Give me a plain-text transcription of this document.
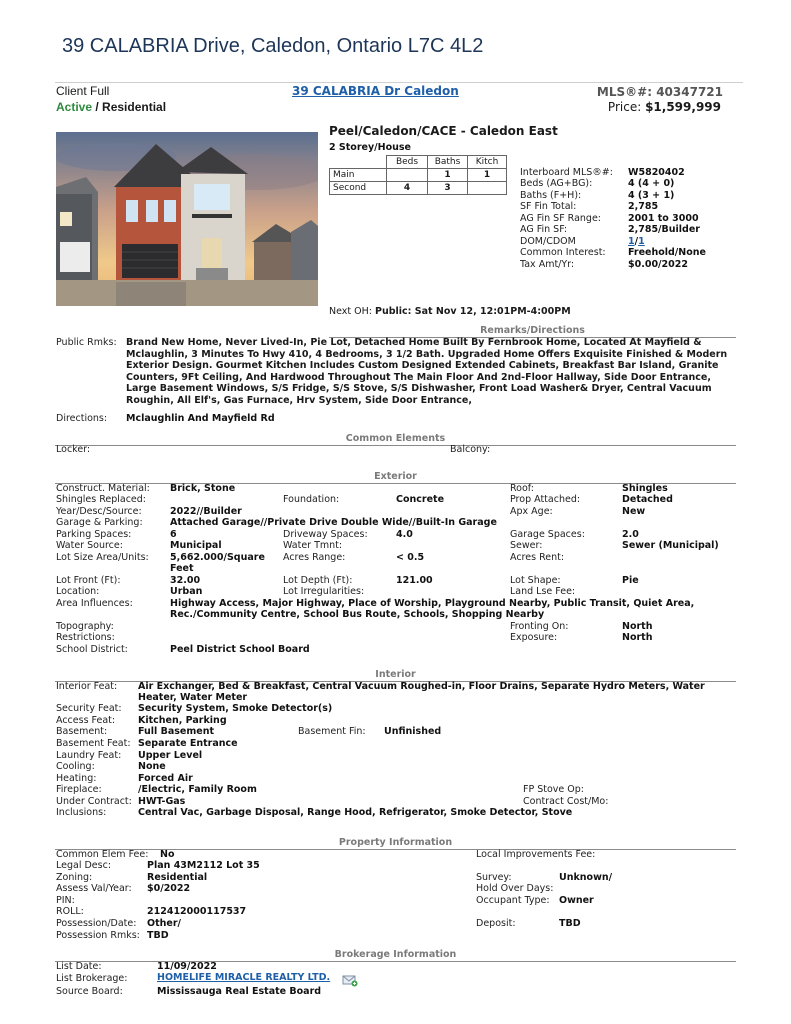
39 CALABRIA Drive, Caledon, Ontario L7C 4L2
Client Full
Active / Residential
39 CALABRIA Dr Caledon	MLS®#: 40347721
Price: $1,599,999
Peel/Caledon/CACE - Caledon East
2 Storey/House
	Beds	Baths	Kitch
Main		1	1
Second	4	3	
Interboard MLS®#: W5820402
Beds (AG+BG):	4 (4 + 0)
Baths (F+H):	4 (3 + 1)
SF Fin Total:	2,785
AG Fin SF Range:	2001 to 3000
AG Fin SF:	2,785/Builder
DOM/CDOM	1/1
Common Interest: Freehold/None
Tax Amt/Yr:	$0.00/2022
Next OH: Public: Sat Nov 12, 12:01PM-4:00PM
Remarks/Directions
Public Rmks: Brand New Home, Never Lived-In, Pie Lot, Detached Home Built By Fernbrook Home, Located At Mayfield & Mclaughlin, 3 Minutes To Hwy 410, 4 Bedrooms, 3 1/2 Bath. Upgraded Home Offers Exquisite Finished & Modern Exterior Design. Gourmet Kitchen Includes Custom Designed Extended Cabinets, Breakfast Bar Island, Granite Counters, 9Ft Ceiling, And Hardwood Throughout The Main Floor And 2nd-Floor Hallway, Side Door Entrance, Large Basement Windows, S/S Fridge, S/S Stove, S/S Dishwasher, Front Load Washer& Dryer, Central Vacuum Roughin, All Elf's, Gas Furnace, Hrv System, Side Door Entrance,
Directions: Mclaughlin And Mayfield Rd
Common Elements
Locker:	Balcony:
Exterior
Construct. Material: Brick, Stone	Roof:	Shingles
Shingles Replaced:	Foundation:	Concrete	Prop Attached:	Detached
Year/Desc/Source:	2022//Builder	Apx Age:	New
Garage & Parking:	Attached Garage//Private Drive Double Wide//Built-In Garage
Parking Spaces:	6	Driveway Spaces:	4.0	Garage Spaces:	2.0
Water Source:	Municipal	Water Tmnt:	Sewer:	Sewer (Municipal)
Lot Size Area/Units: 5,662.000/Square
Feet
Acres Range:	< 0.5	Acres Rent:
Lot Front (Ft):	32.00	Lot Depth (Ft):	121.00	Lot Shape:	Pie
Location:	Urban	Lot Irregularities:	Land Lse Fee:
Area Influences:	Highway Access, Major Highway, Place of Worship, Playground Nearby, Public Transit, Quiet Area,
Rec./Community Centre, School Bus Route, Schools, Shopping Nearby
Topography:	Fronting On:	North
Restrictions:	Exposure:	North
School District:	Peel District School Board
Interior
Interior Feat: Air Exchanger, Bed & Breakfast, Central Vacuum Roughed-in, Floor Drains, Separate Hydro Meters, Water
Heater, Water Meter
Security Feat: Security System, Smoke Detector(s)
Access Feat: Kitchen, Parking
Basement:	Full Basement	Basement Fin: Unfinished
Basement Feat: Separate Entrance
Laundry Feat: Upper Level
Cooling:	None
Heating:	Forced Air
Fireplace:	/Electric, Family Room	FP Stove Op:
Under Contract: HWT-Gas	Contract Cost/Mo:
Inclusions:	Central Vac, Garbage Disposal, Range Hood, Refrigerator, Smoke Detector, Stove
Property Information
Common Elem Fee: No	Local Improvements Fee:
Legal Desc:	Plan 43M2112 Lot 35
Zoning:	Residential	Survey:	Unknown/
Assess Val/Year: $0/2022	Hold Over Days:
PIN:	Occupant Type: Owner
ROLL:	212412000117537
Possession/Date: Other/	Deposit:	TBD
Possession Rmks: TBD
Brokerage Information
List Date:	11/09/2022
List Brokerage:	HOMELIFE MIRACLE REALTY LTD.
Source Board:	Mississauga Real Estate Board
